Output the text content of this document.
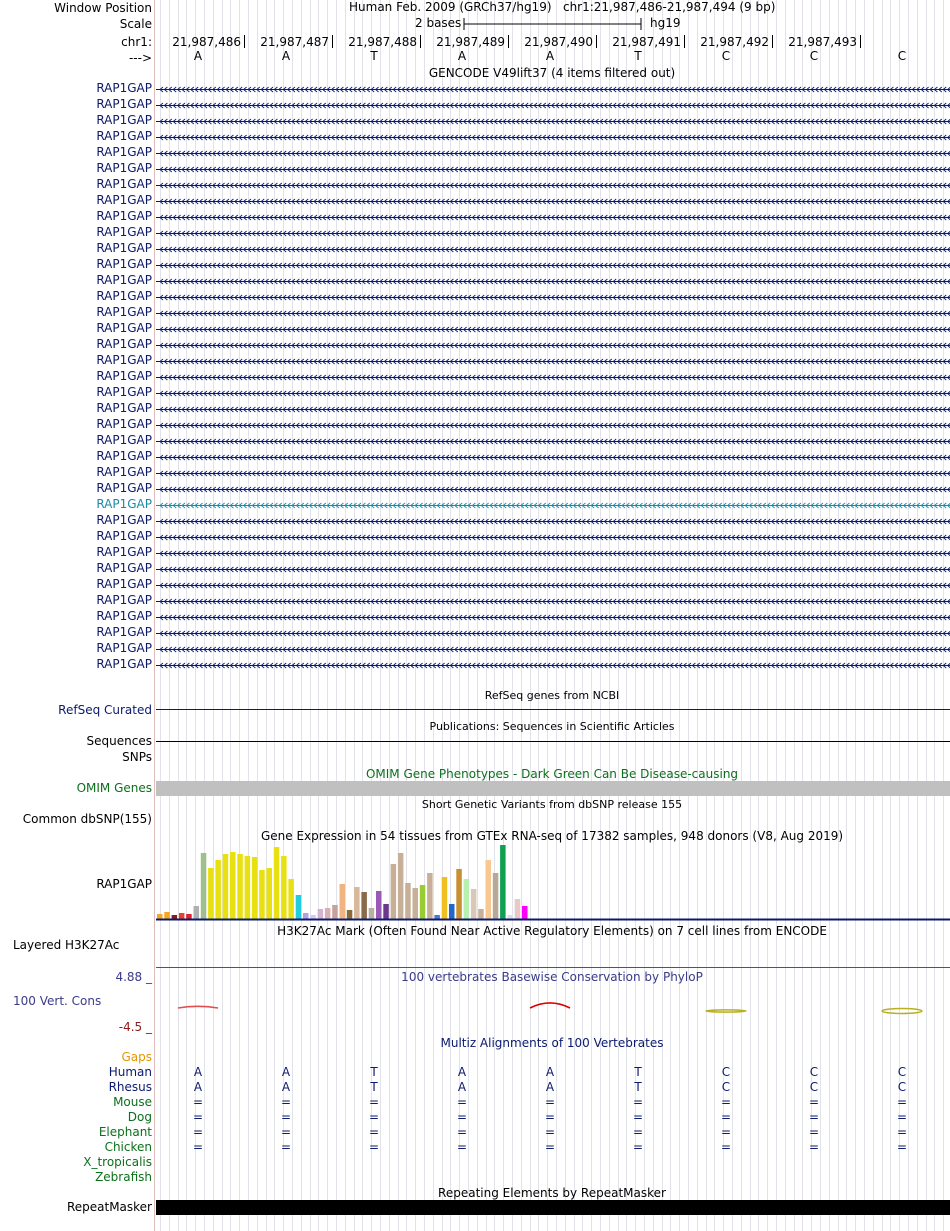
Window Position	Human Feb. 2009 (GRCh37/hg19) chr1:21,987,486-21,987,494 (9 bp)
Scale	2 bases	hg19
chr1: 21,987,486 21,987,487 21,987,488 21,987,489 21,987,490 21,987,491 21,987,492 21,987,493
--->	A	A	T	A	A	T	C	C	C
GENCODE V49lift37 (4 items filtered out)
RAP1GAP
RAP1GAP
RAP1GAP
RAP1GAP
RAP1GAP
RAP1GAP
RAP1GAP
RAP1GAP
RAP1GAP
RAP1GAP
RAP1GAP
RAP1GAP
RAP1GAP
RAP1GAP
RAP1GAP
RAP1GAP
RAP1GAP
RAP1GAP
RAP1GAP
RAP1GAP
RAP1GAP
RAP1GAP
RAP1GAP
RAP1GAP
RAP1GAP
RAP1GAP
RAP1GAP
RAP1GAP
RAP1GAP
RAP1GAP
RAP1GAP
RAP1GAP
RAP1GAP
RAP1GAP
RAP1GAP
RAP1GAP
RAP1GAP
RefSeq genes from NCBI
RefSeq Curated
Publications: Sequences in Scientific Articles
Sequences
SNPs
OMIM Gene Phenotypes - Dark Green Can Be Disease-causing
OMIM Genes
Short Genetic Variants from dbSNP release 155
Common dbSNP(155)
Gene Expression in 54 tissues from GTEx RNA-seq of 17382 samples, 948 donors (V8, Aug 2019)
RAP1GAP
H3K27Ac Mark (Often Found Near Active Regulatory Elements) on 7 cell lines from ENCODE
Layered H3K27Ac
100 vertebrates Basewise Conservation by PhyloP
4.88 _
100 Vert. Cons
-4.5 _
Multiz Alignments of 100 Vertebrates
Gaps
Human	A	A	T	A	A	T	C	C	C
Rhesus	A	A	T	A	A	T	C	C	C
Mouse	=	=	=	=	=	=	=	=	=
Dog	=	=	=	=	=	=	=	=	=
Elephant	=	=	=	=	=	=	=	=	=
Chicken	=	=	=	=	=	=	=	=	=
X_tropicalis
Zebrafish
Repeating Elements by RepeatMasker
RepeatMasker
